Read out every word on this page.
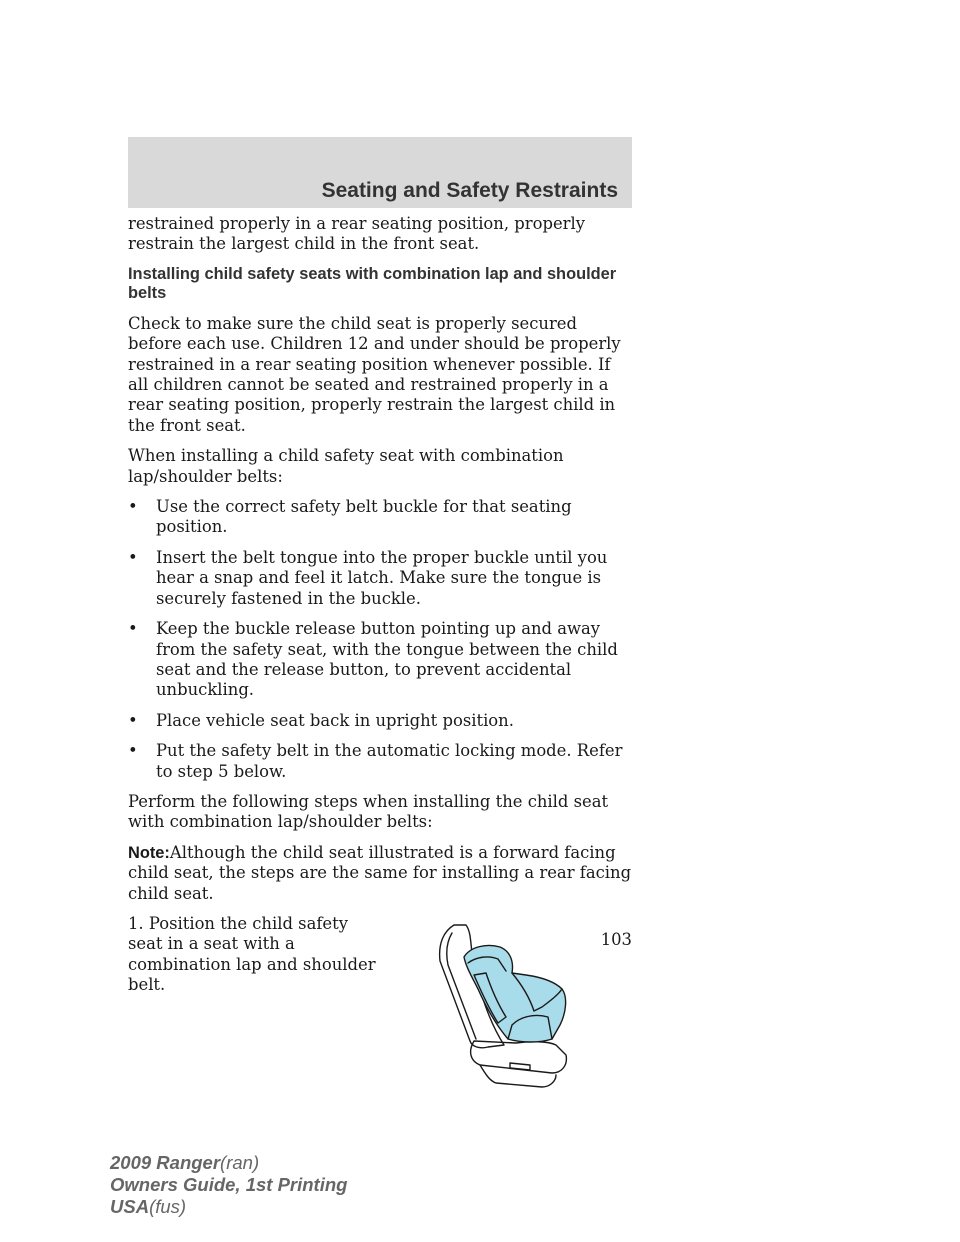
Seating and Safety Restraints

restrained properly in a rear seating position, properly restrain the largest child in the front seat.

Installing child safety seats with combination lap and shoulder belts

Check to make sure the child seat is properly secured before each use. Children 12 and under should be properly restrained in a rear seating position whenever possible. If all children cannot be seated and restrained properly in a rear seating position, properly restrain the largest child in the front seat.

When installing a child safety seat with combination lap/shoulder belts:

• Use the correct safety belt buckle for that seating position.
• Insert the belt tongue into the proper buckle until you hear a snap and feel it latch. Make sure the tongue is securely fastened in the buckle.
• Keep the buckle release button pointing up and away from the safety seat, with the tongue between the child seat and the release button, to prevent accidental unbuckling.
• Place vehicle seat back in upright position.
• Put the safety belt in the automatic locking mode. Refer to step 5 below.

Perform the following steps when installing the child seat with combination lap/shoulder belts:

Note:Although the child seat illustrated is a forward facing child seat, the steps are the same for installing a rear facing child seat.

1. Position the child safety seat in a seat with a combination lap and shoulder belt.

103
2009 Ranger(ran)
Owners Guide, 1st Printing
USA(fus)
